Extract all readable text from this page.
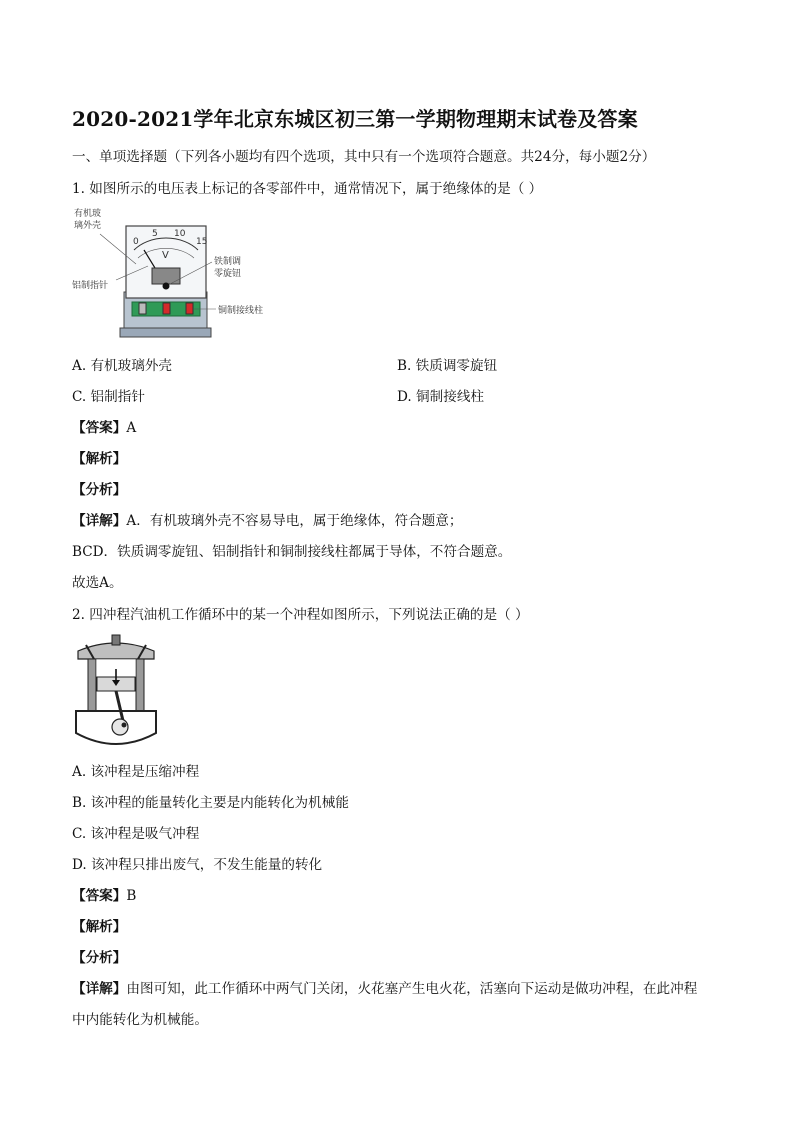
2020-2021学年北京东城区初三第一学期物理期末试卷及答案
一、单项选择题（下列各小题均有四个选项，其中只有一个选项符合题意。共24分，每小题2分）
1. 如图所示的电压表上标记的各零部件中，通常情况下，属于绝缘体的是（ ）
0
5 10
15
V
有机玻
璃外壳
铁制调
零旋钮
铝制指针
铜制接线柱
A. 有机玻璃外壳	B. 铁质调零旋钮
C. 铝制指针	D. 铜制接线柱
【答案】A
【解析】
【分析】
【详解】A．有机玻璃外壳不容易导电，属于绝缘体，符合题意；
BCD．铁质调零旋钮、铝制指针和铜制接线柱都属于导体，不符合题意。
故选A。
2. 四冲程汽油机工作循环中的某一个冲程如图所示，下列说法正确的是（ ）
A. 该冲程是压缩冲程
B. 该冲程的能量转化主要是内能转化为机械能
C. 该冲程是吸气冲程
D. 该冲程只排出废气，不发生能量的转化
【答案】B
【解析】
【分析】
【详解】由图可知，此工作循环中两气门关闭，火花塞产生电火花，活塞向下运动是做功冲程，在此冲程
中内能转化为机械能。
